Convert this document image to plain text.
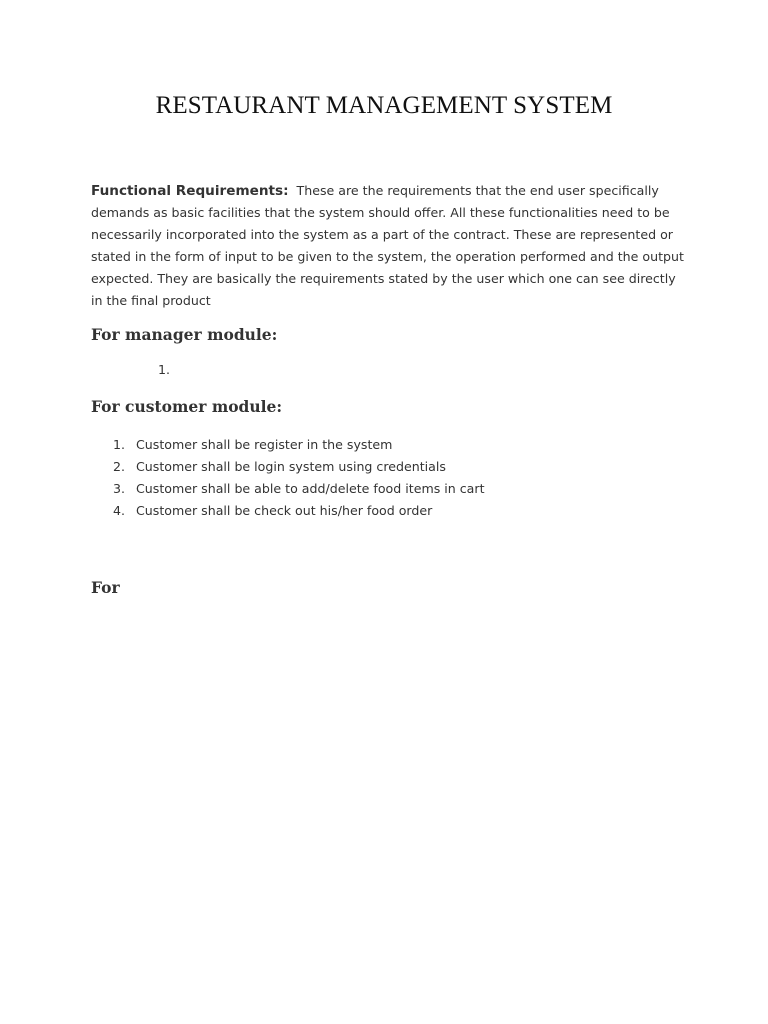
RESTAURANT MANAGEMENT SYSTEM
Functional Requirements: These are the requirements that the end user specifically demands as basic facilities that the system should offer. All these functionalities need to be necessarily incorporated into the system as a part of the contract. These are represented or stated in the form of input to be given to the system, the operation performed and the output expected. They are basically the requirements stated by the user which one can see directly in the final product
For manager module:
1.
For customer module:
1. Customer shall be register in the system
2. Customer shall be login system using credentials
3. Customer shall be able to add/delete food items in cart
4. Customer shall be check out his/her food order
For
